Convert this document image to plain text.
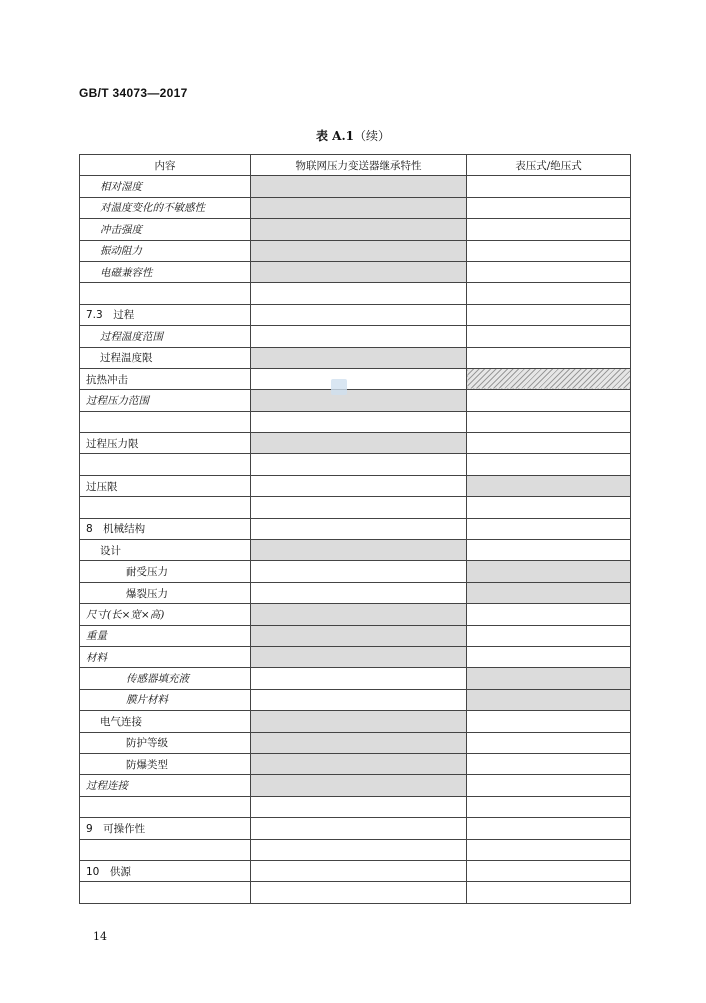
GB/T 34073—2017
表 A.1（续）
内容	物联网压力变送器继承特性	表压式/绝压式
相对湿度		
对温度变化的不敏感性		
冲击强度		
振动阻力		
电磁兼容性		

7.3　过程		
过程温度范围		
过程温度限		
抗热冲击		
过程压力范围		

过程压力限		

过压限		

8　机械结构		
设计		
耐受压力		
爆裂压力		
尺寸(长×宽×高)		
重量		
材料		
传感器填充液		
膜片材料		
电气连接		
防护等级		
防爆类型		
过程连接		

9　可操作性		

10　供源		

14
